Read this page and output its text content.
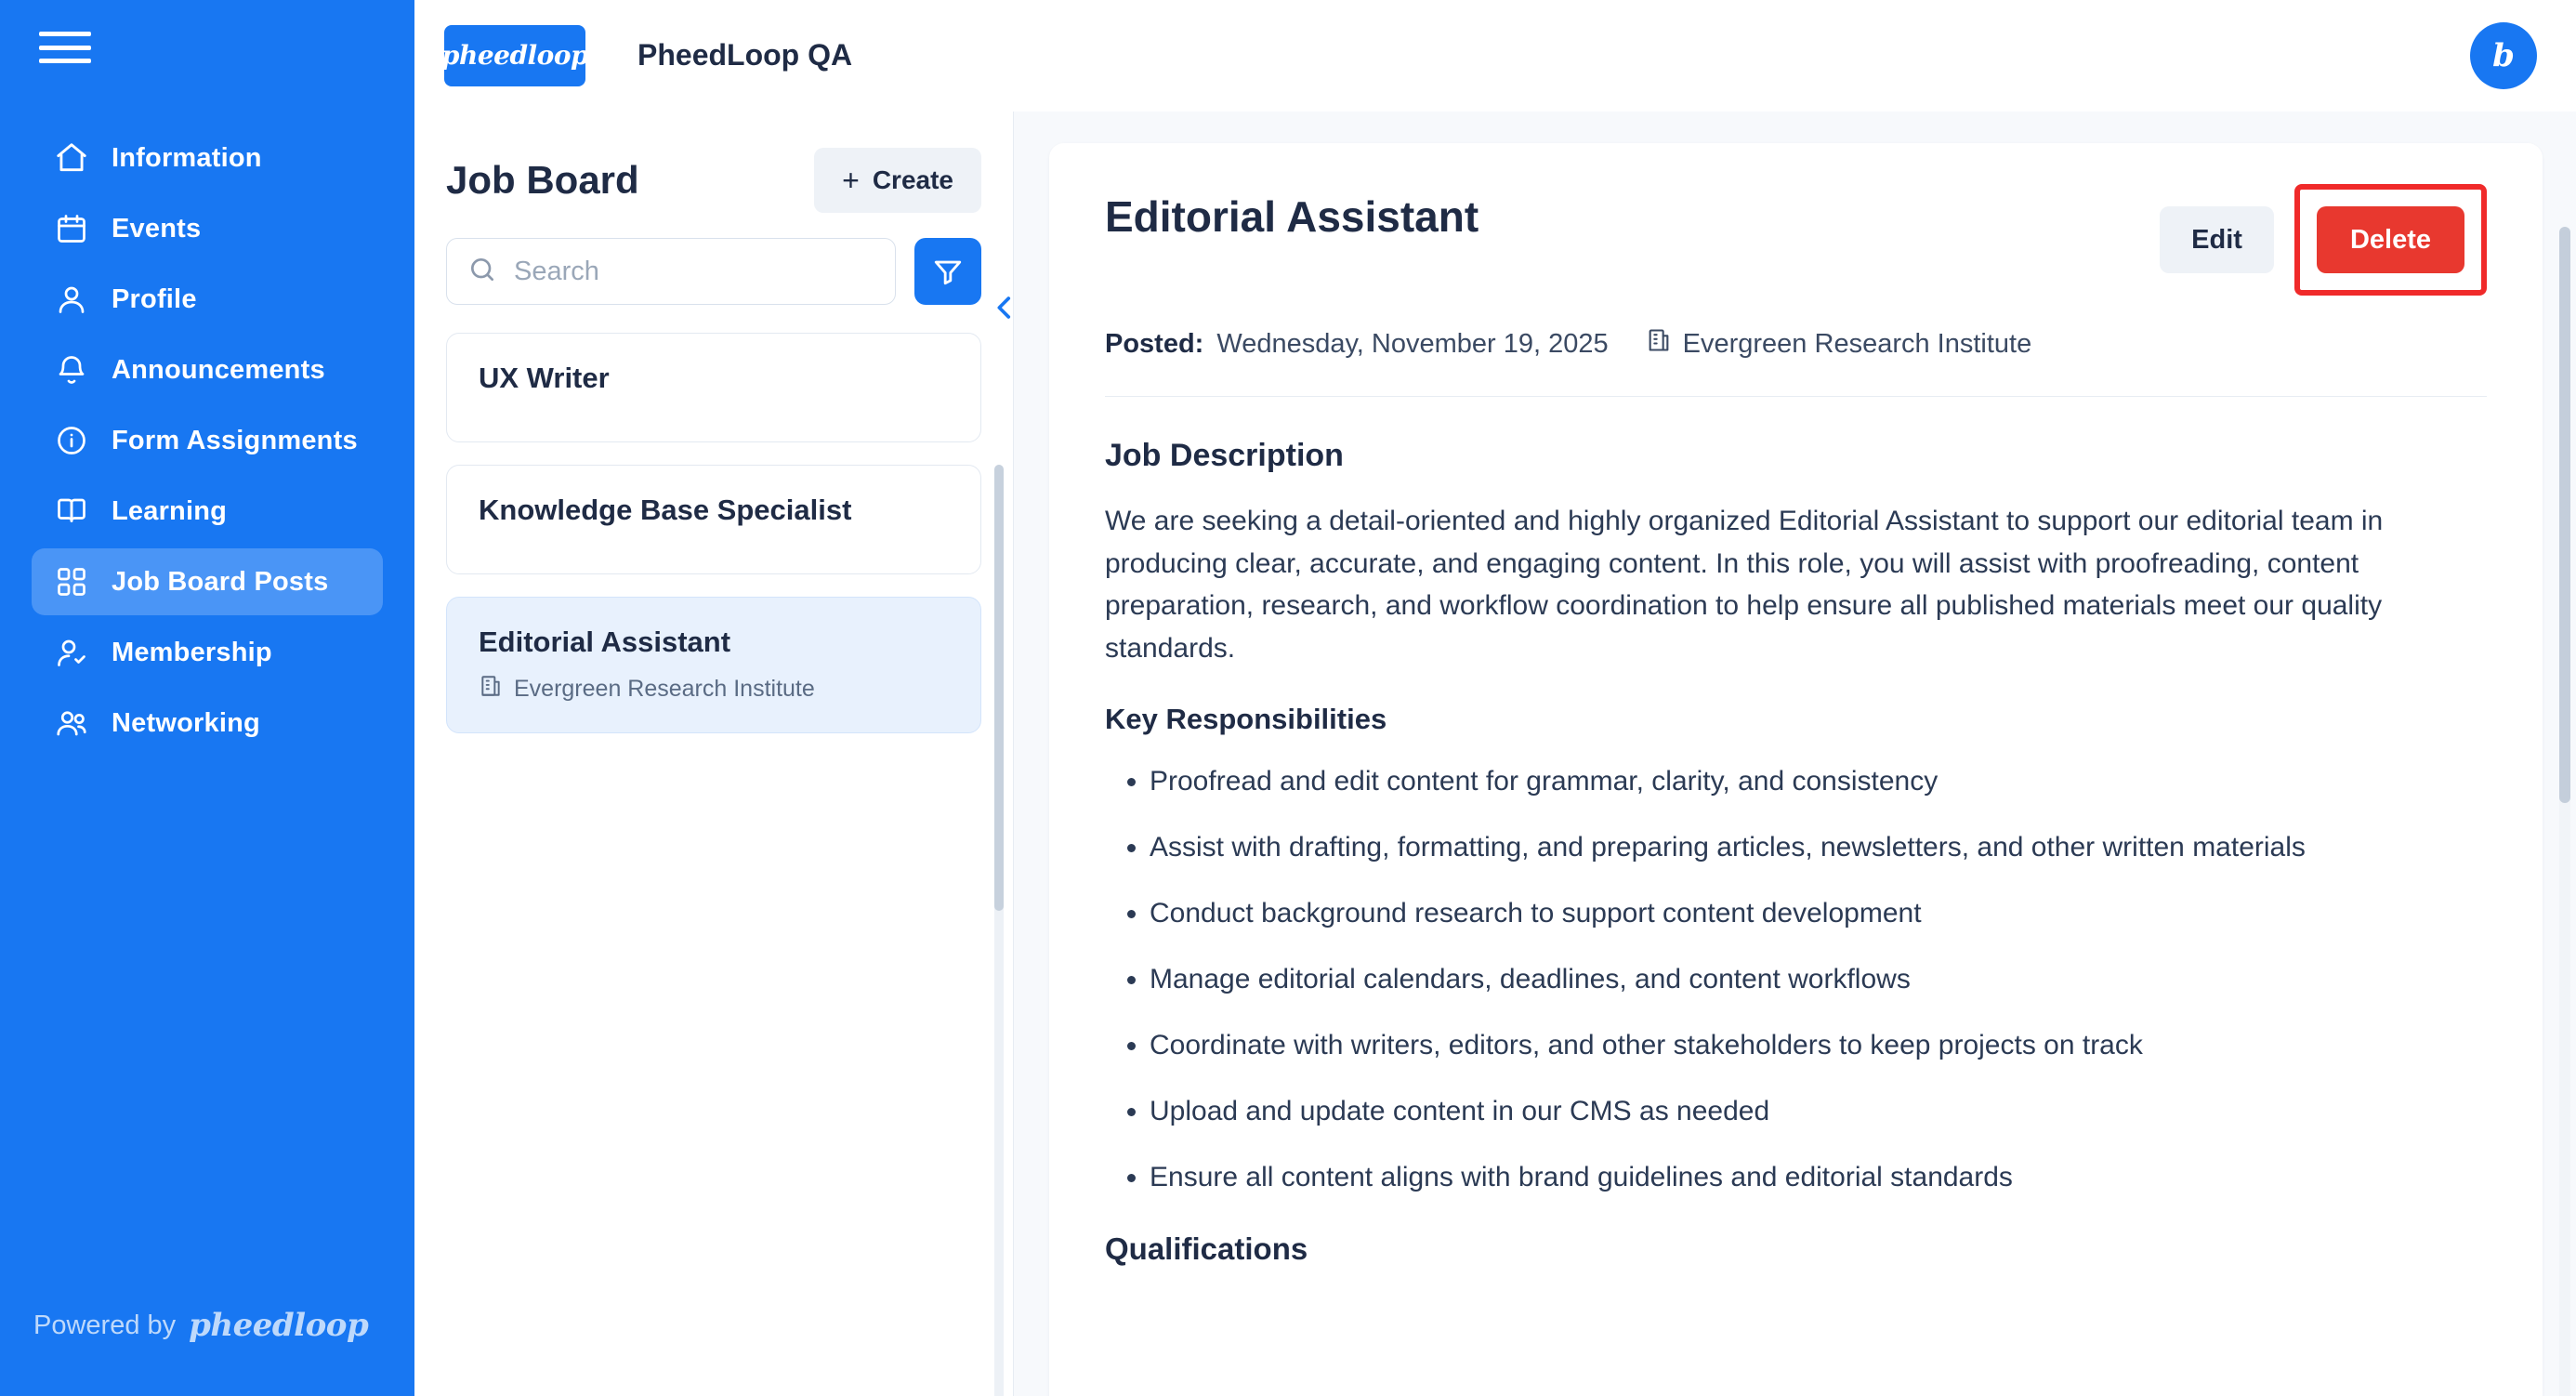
Information
Events
Profile
Announcements
Form Assignments
Learning
Job Board Posts
Membership
Networking
Powered by pheedloop
pheedloop PheedLoop QA	b
Job Board	+ Create
Search
UX Writer
Knowledge Base Specialist
Editorial Assistant
Evergreen Research Institute
Editorial Assistant	Edit	Delete
Posted: Wednesday, November 19, 2025	Evergreen Research Institute
Job Description
We are seeking a detail-oriented and highly organized Editorial Assistant to support our editorial team in producing clear, accurate, and engaging content. In this role, you will assist with proofreading, content preparation, research, and workflow coordination to help ensure all published materials meet our quality standards.
Key Responsibilities
• Proofread and edit content for grammar, clarity, and consistency
• Assist with drafting, formatting, and preparing articles, newsletters, and other written materials
• Conduct background research to support content development
• Manage editorial calendars, deadlines, and content workflows
• Coordinate with writers, editors, and other stakeholders to keep projects on track
• Upload and update content in our CMS as needed
• Ensure all content aligns with brand guidelines and editorial standards
Qualifications
